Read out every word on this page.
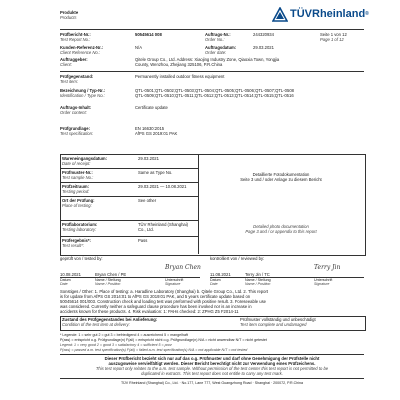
Produkte
Products	TÜVRheinland®
Prüfbericht-Nr.:
Test Report No.:
50545614 008	Auftrags-Nr.:
Order No.:
244320934	Seite 1 von 12
Page 1 of 12
Kunden-Referenz-Nr.:
Client Reference No.:
N/A	Auftragsdatum:
Order date:
29.03.2021
Auftraggeber:
Client:
Qitele Group Co., Ltd. Address: Xiaojing Industry Zone, Qiaoxia Town, Yongjia
County, Wenzhou, Zhejiang 325106, P.R.China
Prüfgegenstand:
Test item:
Permanently installed outdoor fitness equipment
Bezeichnung / Typ-Nr.:
Identification / Type No.:
QTL-0501;QTL-0502;QTL-0503;QTL-0504;QTL-0505;QTL-0506;QTL-0507;QTL-0508
QTL-0509;QTL-0510;QTL-0511;QTL-0512;QTL-0513;QTL-0514;QTL-0515;QTL-0516
Auftrags-Inhalt:
Order content:
Certificate update
Prüfgrundlage:
Test specification:
EN 16630:2015
AfPS GS 2019:01 PAK
Wareneingangsdatum:
Date of receipt:
29.03.2021
Prüfmuster-Nr.:
Test sample No.:
Same as Type No.
Prüfzeitraum:
Testing period:
29.03.2021 — 10.08.2021
Ort der Prüfung:
Place of testing:
See other
Prüflaboratorium:
Testing laboratory:
TÜV Rheinland (Shanghai)
Co., Ltd.
Prüfergebnis*:
Test result*:
Pass
Detaillierte Fotodokumentation
Seite 3 und / oder Anlage zu diesem Bericht
Detailed photo documentation
Page 3 and / or appendix to this report
geprüft von / tested by:	kontrolliert von / reviewed by:
10.08.2021	Bryan Chen / PE
Bryan Chen
11.08.2021	Terry Jin / TC
Terry Jin
Datum	Name / Stellung	Unterschrift
Date	Name / Position	Signature
Datum	Name / Stellung	Unterschrift
Date	Name / Position	Signature
Sonstiges / Other: 1. Place of testing: a. Haradline Laboratory (Shanghai) b. Qitele Group Co., Ltd. 2. This report
is for update from AfPS GS 2014:01 to AfPS GS 2019:01 PAK, and 5 years certificate update based on
50045614 001/003. Construction check and loading test was preformed with positive result. 3. Foreseeable use
was considered. Currently neither a safeguard clause procedure has been invoked nor is an increase in
accidents known for these products. 4. Risk evaluation: 1: PAHs checked: 2: ZPHG Z5 F2014-11
Zustand des Prüfgegenstandes bei Anlieferung:
Condition of the test item at delivery:
Prüfmuster vollständig und unbeschädigt
Test item complete and undamaged
* Legende: 1 = sehr gut 2 = gut 3 = befriedigend 4 = ausreichend 5 = mangelhaft
P(ass) = entspricht o.g. Prüfgrundlage(n) F(ail) = entspricht nicht o.g. Prüfgrundlage(n) N/A = nicht anwendbar N/T = nicht getestet
Legend: 1 = very good 2 = good 3 = satisfactory 4 = sufficient 5 = poor
P(ass) = passed a.m. test specification(s) F(ail) = failed a.m. test specification(s) N/A = not applicable N/T = not tested
Dieser Prüfbericht bezieht sich nur auf das o.g. Prüfmuster und darf ohne Genehmigung der Prüfstelle nicht
auszugsweise vervielfältigt werden. Dieser Bericht berechtigt nicht zur Verwendung eines Prüfzeichens.
This test report only relates to the a.m. test sample. Without permission of the test center this test report is not permitted to be
duplicated in extracts. This test report does not entitle to carry any test mark.
TÜV Rheinland (Shanghai) Co., Ltd. · No.177, Lane 777, West Guangzhong Road · Shanghai · 200072, P.R.China
